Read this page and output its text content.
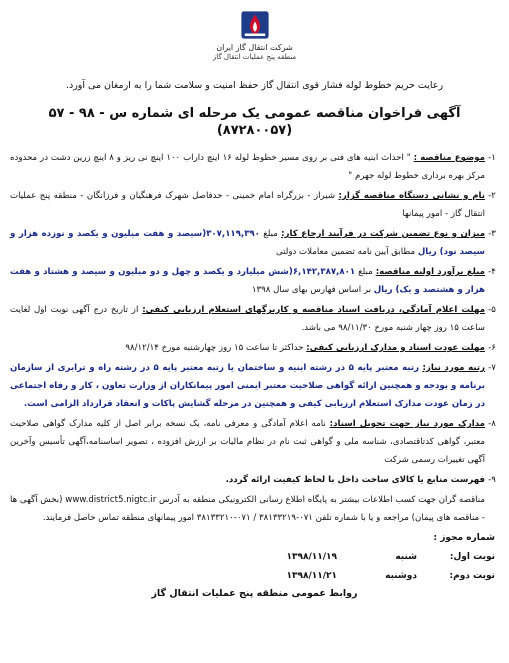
شرکت انتقال گاز ایران
منطقه پنج عملیات انتقال گاز
رعایت حریم خطوط لوله فشار قوی انتقال گاز حفظ امنیت و سلامت شما را به ارمغان می آورد.
آگهی فراخوان مناقصه عمومی یک مرحله ای شماره س - ۹۸ - ۵۷
(۸۷۲۸۰۰۵۷)
۱-
موضوع مناقصه : " احداث ابنیه های فنی بر روی مسیر خطوط لوله ۱۶ اینچ داراب ۱۰۰ اینچ نی ریز و ۸ اینچ زرین دشت در محدوده مرکز بهره برداری خطوط لوله جهرم "
۲-
نام و نشانی دستگاه مناقصه گزار: شیراز - بزرگراه امام خمینی - حدفاصل شهرک فرهنگیان و فرزانگان - منطقه پنج عملیات انتقال گاز - امور پیمانها
۳-
میزان و نوع تضمین شرکت در فرآیند ارجاع کار: مبلغ ۳۰۷,۱۱۹,۳۹۰(سیصد و هفت میلیون و یکصد و نوزده هزار و سیصد نود) ریال مطابق آیین نامه تضمین معاملات دولتی
۴-
مبلغ برآورد اولیه مناقصه: مبلغ ۶,۱۴۲,۳۸۷,۸۰۱(شش میلیارد و یکصد و چهل و دو میلیون و سیصد و هشتاد و هفت هزار و هشتصد و یک) ریال بر اساس فهارس بهای سال ۱۳۹۸
۵-
مهلت اعلام آمادگی، دریافت اسناد مناقصه و کاربرگهای استعلام ارزیابی کیفی: از تاریخ درج آگهی نوبت اول لغایت ساعت ۱۵ روز چهار شنبه مورخ ۹۸/۱۱/۳۰ می باشد.
۶-
مهلت عودت اسناد و مدارک ارزیابی کیفی: حداکثر تا ساعت ۱۵ روز چهارشنبه مورخ ۹۸/۱۲/۱۴
۷-
رتبه مورد نیاز: رتبه معتبر پایه ۵ در رشته ابنیه و ساختمان یا رتبه معتبر پایه ۵ در رشته راه و ترابری از سازمان برنامه و بودجه و همچنین ارائه گواهی صلاحیت معتبر ایمنی امور پیمانکاران از وزارت تعاون ، کار و رفاه اجتماعی در زمان عودت مدارک استعلام ارزیابی کیفی و همچنین در مرحله گشایش پاکات و انعقاد قرارداد الزامی است.
۸-
مدارک مورد نیاز جهت تحویل اسناد: نامه اعلام آمادگی و معرفی نامه، یک نسخه برابر اصل از کلیه مدارک گواهی صلاحیت معتبر، گواهی کدتاقتصادی، شناسه ملی و گواهی ثبت نام در نظام مالیات بر ارزش افزوده ، تصویر اساسنامه،آگهی تأسیس وآخرین آگهی تغییرات رسمی شرکت
۹-
فهرست منابع یا کالای ساخت داخل با لحاظ کیفیت ارائه گردد.
مناقصه گران جهت کسب اطلاعات بیشتر به پایگاه اطلاع رسانی الکترونیکی منطقه به آدرس www.district5.nigtc.ir (بخش آگهی ها - مناقصه های پیمان) مراجعه و یا با شماره تلفن ۰۷۱-۳۸۱۳۳۲۱۹ / ۰۷۱-۳۸۱۳۳۲۱۰ امور پیمانهای منطقه تماس حاصل فرمایند.
شماره مجوز :
نوبت اول:
شنبه
۱۳۹۸/۱۱/۱۹
نوبت دوم:
دوشنبه
۱۳۹۸/۱۱/۲۱
روابط عمومی منطقه پنج عملیات انتقال گاز
